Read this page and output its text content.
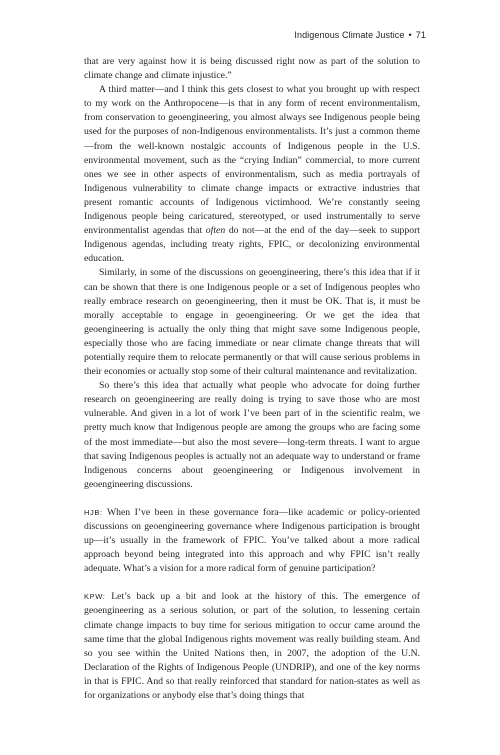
Indigenous Climate Justice • 71

that are very against how it is being discussed right now as part of the solution to climate change and climate injustice.”

A third matter—and I think this gets closest to what you brought up with respect to my work on the Anthropocene—is that in any form of recent environmentalism, from conservation to geoengineering, you almost always see Indigenous people being used for the purposes of non-Indigenous environmentalists. It’s just a common theme—from the well-known nostalgic accounts of Indigenous people in the U.S. environmental movement, such as the “crying Indian” commercial, to more current ones we see in other aspects of environmentalism, such as media portrayals of Indigenous vulnerability to climate change impacts or extractive industries that present romantic accounts of Indigenous victimhood. We’re constantly seeing Indigenous people being caricatured, stereotyped, or used instrumentally to serve environmentalist agendas that often do not—at the end of the day—seek to support Indigenous agendas, including treaty rights, FPIC, or decolonizing environmental education.

Similarly, in some of the discussions on geoengineering, there’s this idea that if it can be shown that there is one Indigenous people or a set of Indigenous peoples who really embrace research on geoengineering, then it must be OK. That is, it must be morally acceptable to engage in geoengineering. Or we get the idea that geoengineering is actually the only thing that might save some Indigenous people, especially those who are facing immediate or near climate change threats that will potentially require them to relocate permanently or that will cause serious problems in their economies or actually stop some of their cultural maintenance and revitalization.

So there’s this idea that actually what people who advocate for doing further research on geoengineering are really doing is trying to save those who are most vulnerable. And given in a lot of work I’ve been part of in the scientific realm, we pretty much know that Indigenous people are among the groups who are facing some of the most immediate—but also the most severe—long-term threats. I want to argue that saving Indigenous peoples is actually not an adequate way to understand or frame Indigenous concerns about geoengineering or Indigenous involvement in geoengineering discussions.

HJB: When I’ve been in these governance fora—like academic or policy-oriented discussions on geoengineering governance where Indigenous participation is brought up—it’s usually in the framework of FPIC. You’ve talked about a more radical approach beyond being integrated into this approach and why FPIC isn’t really adequate. What’s a vision for a more radical form of genuine participation?

KPW: Let’s back up a bit and look at the history of this. The emergence of geoengineering as a serious solution, or part of the solution, to lessening certain climate change impacts to buy time for serious mitigation to occur came around the same time that the global Indigenous rights movement was really building steam. And so you see within the United Nations then, in 2007, the adoption of the U.N. Declaration of the Rights of Indigenous People (UNDRIP), and one of the key norms in that is FPIC. And so that really reinforced that standard for nation-states as well as for organizations or anybody else that’s doing things that
